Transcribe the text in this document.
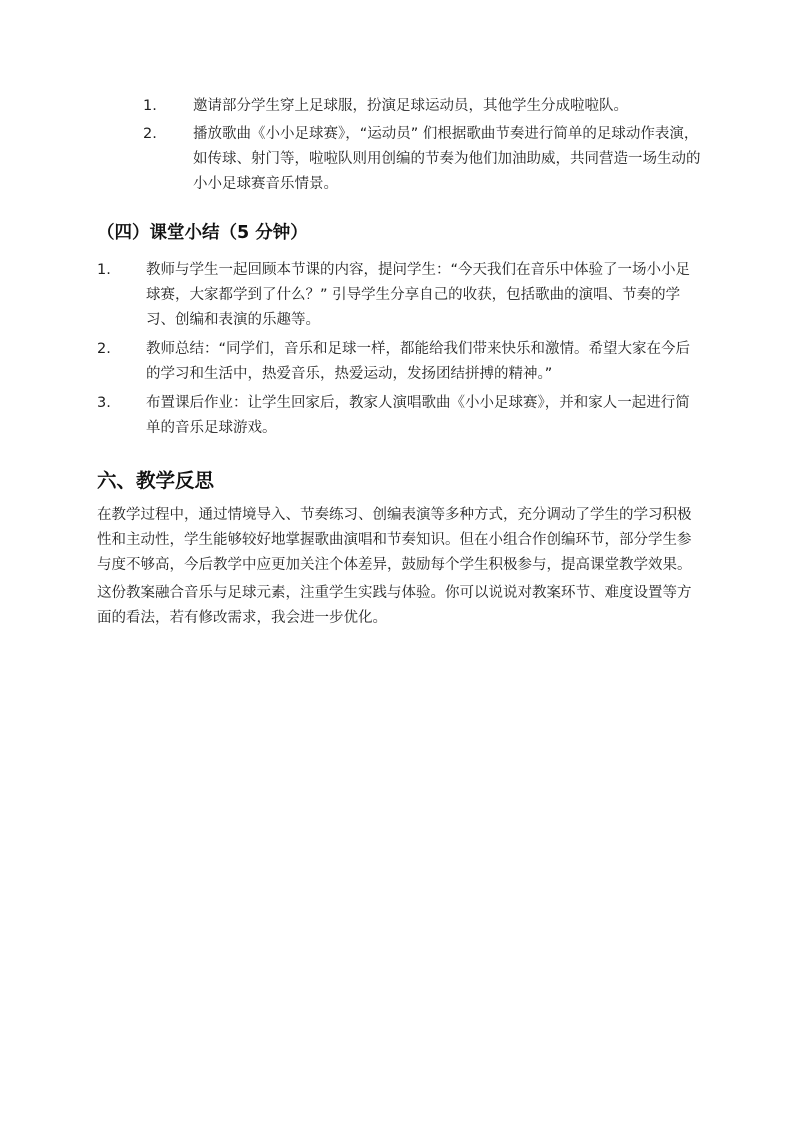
1.	邀请部分学生穿上足球服，扮演足球运动员，其他学生分成啦啦队。
2.	播放歌曲《小小足球赛》，“运动员” 们根据歌曲节奏进行简单的足球动作表演，如传球、射门等，啦啦队则用创编的节奏为他们加油助威，共同营造一场生动的小小足球赛音乐情景。
（四）课堂小结（5 分钟）
1.	教师与学生一起回顾本节课的内容，提问学生：“今天我们在音乐中体验了一场小小足球赛，大家都学到了什么？” 引导学生分享自己的收获，包括歌曲的演唱、节奏的学习、创编和表演的乐趣等。
2.	教师总结：“同学们，音乐和足球一样，都能给我们带来快乐和激情。希望大家在今后的学习和生活中，热爱音乐，热爱运动，发扬团结拼搏的精神。”
3.	布置课后作业：让学生回家后，教家人演唱歌曲《小小足球赛》，并和家人一起进行简单的音乐足球游戏。
六、教学反思

在教学过程中，通过情境导入、节奏练习、创编表演等多种方式，充分调动了学生的学习积极性和主动性，学生能够较好地掌握歌曲演唱和节奏知识。但在小组合作创编环节，部分学生参与度不够高，今后教学中应更加关注个体差异，鼓励每个学生积极参与，提高课堂教学效果。

这份教案融合音乐与足球元素，注重学生实践与体验。你可以说说对教案环节、难度设置等方面的看法，若有修改需求，我会进一步优化。
